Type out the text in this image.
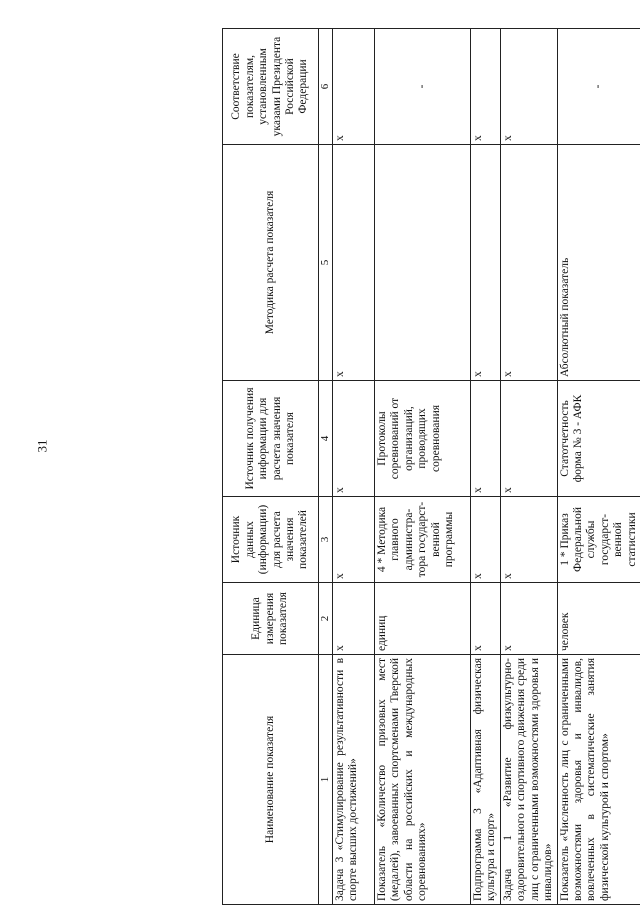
31
Наименование показателя	Единица измерения показателя	Источник данных (информации) для расчета значения показателей	Источник получения информации для расчета значения показателя	Методика расчета показателя	Соответствие показателям, установленным указами Президента Российской Федерации
1	2	3	4	5	6
Задача 3 «Стимулирование результативности в спорте высших достижений»	х	х	х	х	х
Показатель «Количество призовых мест (медалей), завоеванных спортсменами Тверской области на российских и международных соревнованиях»	единиц	4 * Методика главного администра-тора государст-венной программы	Протоколы соревнований от организаций, проводящих соревнования		-
Подпрограмма 3 «Адаптивная физическая культура и спорт»	х	х	х	х	х
Задача 1 «Развитие физкультурно-оздоровительного и спортивного движения среди лиц с ограниченными возможностями здоровья и инвалидов»	х	х	х	х	х
Показатель «Численность лиц с ограниченными возможностями здоровья и инвалидов, вовлеченных в систематические занятия физической культурой и спортом»	человек	1 * Приказ Федеральной службы государст-венной статистики	Статотчетность форма № 3 - АФК	Абсолютный показатель	-
